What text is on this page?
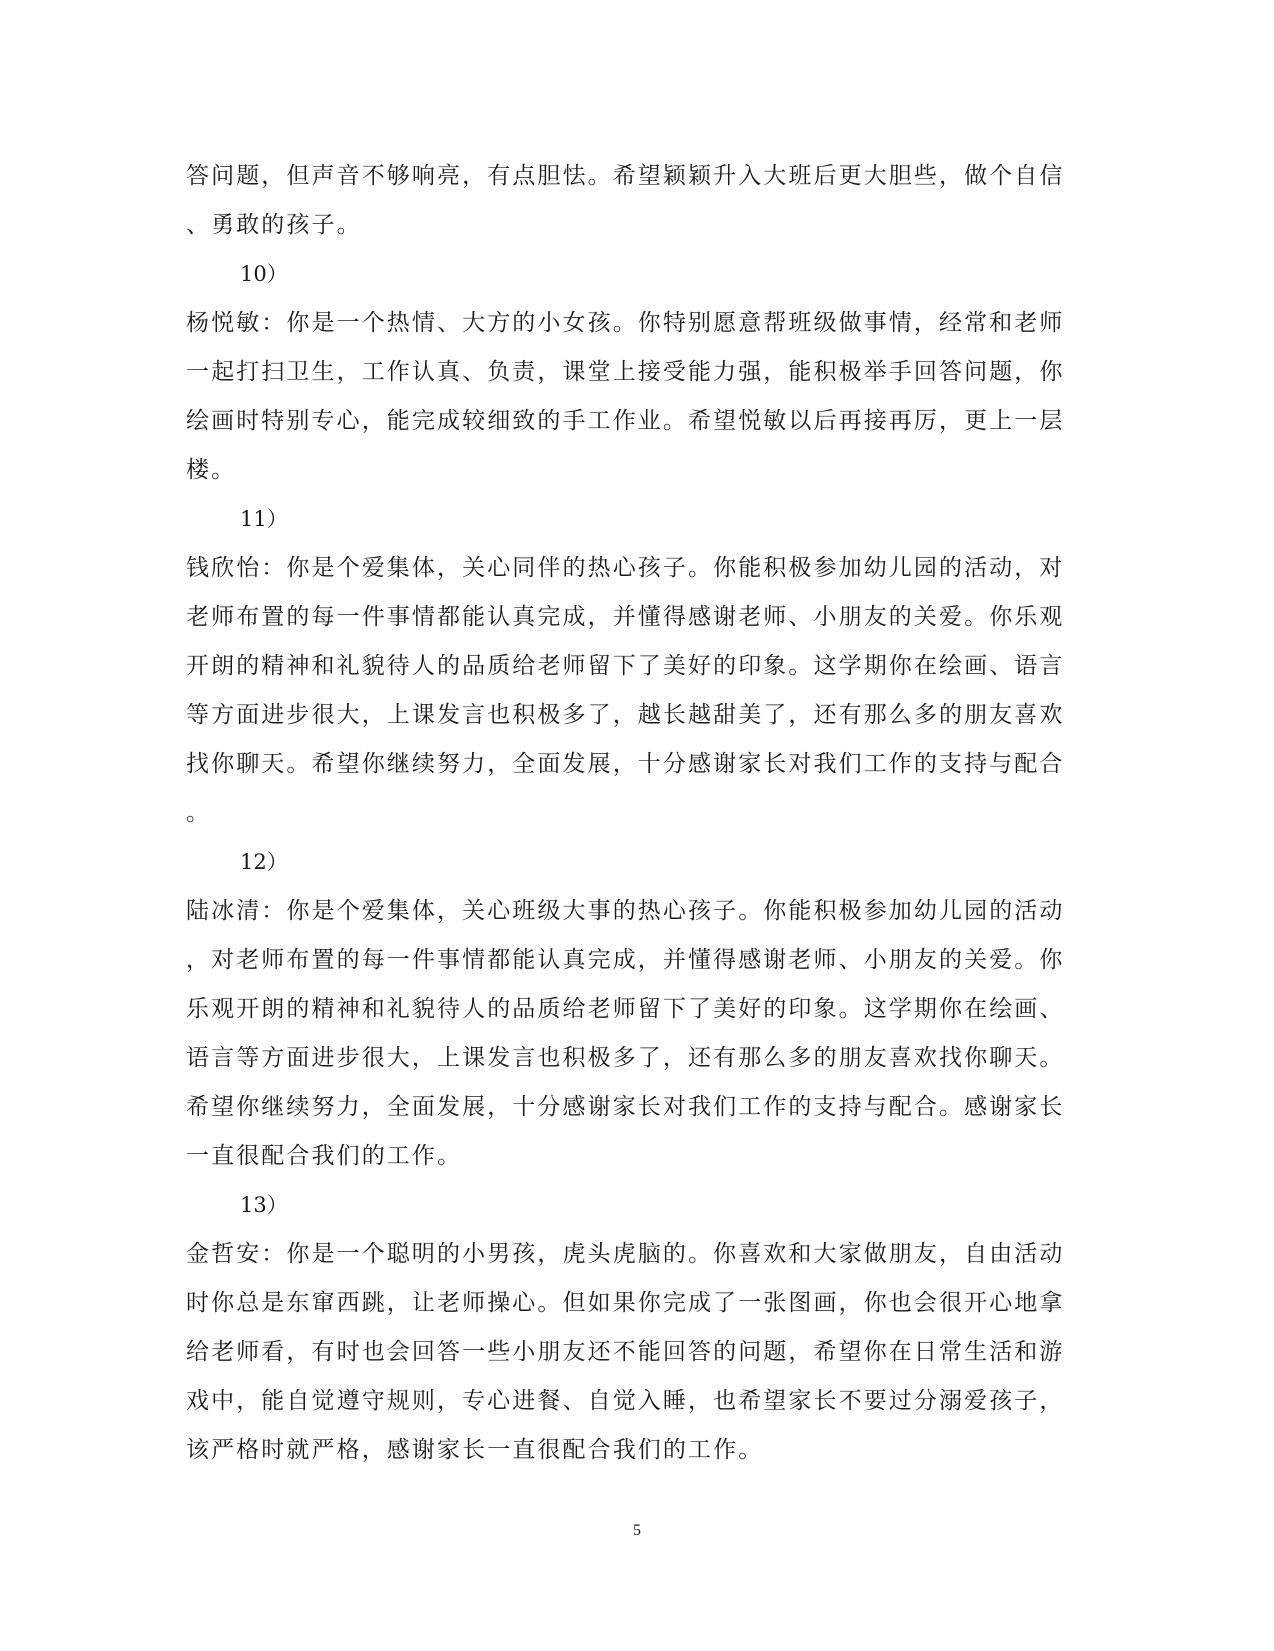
答问题，但声音不够响亮，有点胆怯。希望颖颖升入大班后更大胆些，做个自信
、勇敢的孩子。
10）
杨悦敏：你是一个热情、大方的小女孩。你特别愿意帮班级做事情，经常和老师
一起打扫卫生，工作认真、负责，课堂上接受能力强，能积极举手回答问题，你
绘画时特别专心，能完成较细致的手工作业。希望悦敏以后再接再厉，更上一层
楼。
11）
钱欣怡：你是个爱集体，关心同伴的热心孩子。你能积极参加幼儿园的活动，对
老师布置的每一件事情都能认真完成，并懂得感谢老师、小朋友的关爱。你乐观
开朗的精神和礼貌待人的品质给老师留下了美好的印象。这学期你在绘画、语言
等方面进步很大，上课发言也积极多了，越长越甜美了，还有那么多的朋友喜欢
找你聊天。希望你继续努力，全面发展，十分感谢家长对我们工作的支持与配合
。
12）
陆冰清：你是个爱集体，关心班级大事的热心孩子。你能积极参加幼儿园的活动
，对老师布置的每一件事情都能认真完成，并懂得感谢老师、小朋友的关爱。你
乐观开朗的精神和礼貌待人的品质给老师留下了美好的印象。这学期你在绘画、
语言等方面进步很大，上课发言也积极多了，还有那么多的朋友喜欢找你聊天。
希望你继续努力，全面发展，十分感谢家长对我们工作的支持与配合。感谢家长
一直很配合我们的工作。
13）
金哲安：你是一个聪明的小男孩，虎头虎脑的。你喜欢和大家做朋友，自由活动
时你总是东窜西跳，让老师操心。但如果你完成了一张图画，你也会很开心地拿
给老师看，有时也会回答一些小朋友还不能回答的问题，希望你在日常生活和游
戏中，能自觉遵守规则，专心进餐、自觉入睡，也希望家长不要过分溺爱孩子，
该严格时就严格，感谢家长一直很配合我们的工作。
5
